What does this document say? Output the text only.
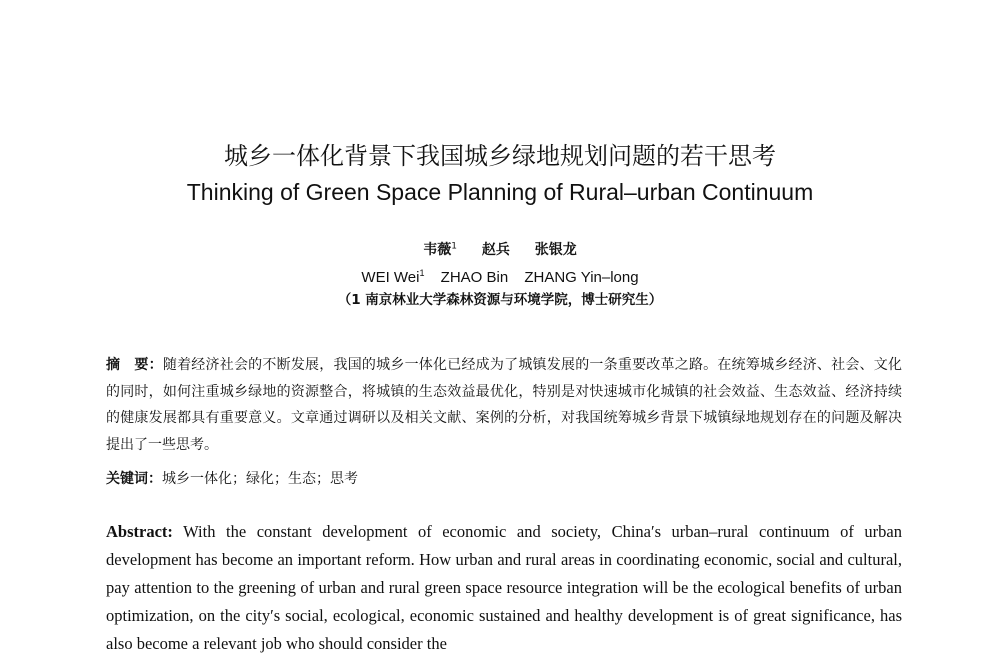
城乡一体化背景下我国城乡绿地规划问题的若干思考
Thinking of Green Space Planning of Rural–urban Continuum
韦薇$^1$ 赵兵 张银龙
WEI Wei$^1$ ZHAO Bin ZHANG Yin–long
（1 南京林业大学森林资源与环境学院，博士研究生）
摘　要：随着经济社会的不断发展，我国的城乡一体化已经成为了城镇发展的一条重要改革之路。在统筹城乡经济、社会、文化的同时，如何注重城乡绿地的资源整合，将城镇的生态效益最优化，特别是对快速城市化城镇的社会效益、生态效益、经济持续的健康发展都具有重要意义。文章通过调研以及相关文献、案例的分析，对我国统筹城乡背景下城镇绿地规划存在的问题及解决提出了一些思考。
关键词：城乡一体化；绿化；生态；思考
Abstract: With the constant development of economic and society, China′s urban–rural continuum of urban development has become an important reform. How urban and rural areas in coordinating economic, social and cultural, pay attention to the greening of urban and rural green space resource integration will be the ecological benefits of urban optimization, on the city′s social, ecological, economic sustained and healthy development is of great significance, has also become a relevant job who should consider the
